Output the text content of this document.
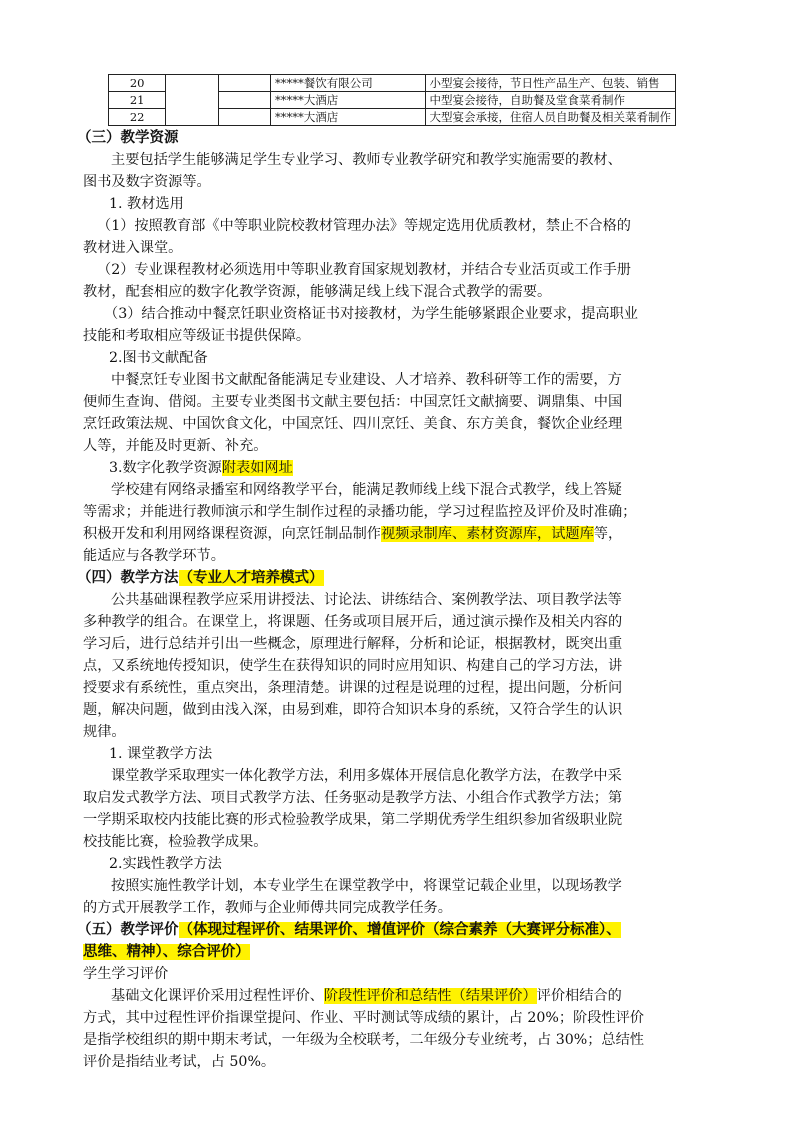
20			*****餐饮有限公司	小型宴会接待，节日性产品生产、包装、销售
21			*****大酒店	中型宴会接待，自助餐及堂食菜肴制作
22			*****大酒店	大型宴会承接，住宿人员自助餐及相关菜肴制作
（三）教学资源
主要包括学生能够满足学生专业学习、教师专业教学研究和教学实施需要的教材、
图书及数字资源等。
1. 教材选用
（1）按照教育部《中等职业院校教材管理办法》等规定选用优质教材，禁止不合格的
教材进入课堂。
（2）专业课程教材必须选用中等职业教育国家规划教材，并结合专业活页或工作手册
教材，配套相应的数字化教学资源，能够满足线上线下混合式教学的需要。
（3）结合推动中餐烹饪职业资格证书对接教材，为学生能够紧跟企业要求，提高职业
技能和考取相应等级证书提供保障。
2.图书文献配备
中餐烹饪专业图书文献配备能满足专业建设、人才培养、教科研等工作的需要，方
便师生查询、借阅。主要专业类图书文献主要包括：中国烹饪文献摘要、调鼎集、中国
烹饪政策法规、中国饮食文化，中国烹饪、四川烹饪、美食、东方美食，餐饮企业经理
人等，并能及时更新、补充。
3.数字化教学资源附表如网址
学校建有网络录播室和网络教学平台，能满足教师线上线下混合式教学，线上答疑
等需求；并能进行教师演示和学生制作过程的录播功能，学习过程监控及评价及时准确；
积极开发和利用网络课程资源，向烹饪制品制作视频录制库、素材资源库，试题库等，
能适应与各教学环节。
（四）教学方法（专业人才培养模式）
公共基础课程教学应采用讲授法、讨论法、讲练结合、案例教学法、项目教学法等
多种教学的组合。在课堂上，将课题、任务或项目展开后，通过演示操作及相关内容的
学习后，进行总结并引出一些概念，原理进行解释，分析和论证，根据教材，既突出重
点，又系统地传授知识，使学生在获得知识的同时应用知识、构建自己的学习方法，讲
授要求有系统性，重点突出，条理清楚。讲课的过程是说理的过程，提出问题，分析问
题，解决问题，做到由浅入深，由易到难，即符合知识本身的系统，又符合学生的认识
规律。
1. 课堂教学方法
课堂教学采取理实一体化教学方法，利用多媒体开展信息化教学方法，在教学中采
取启发式教学方法、项目式教学方法、任务驱动是教学方法、小组合作式教学方法；第
一学期采取校内技能比赛的形式检验教学成果，第二学期优秀学生组织参加省级职业院
校技能比赛，检验教学成果。
2.实践性教学方法
按照实施性教学计划，本专业学生在课堂教学中，将课堂记载企业里，以现场教学
的方式开展教学工作，教师与企业师傅共同完成教学任务。
（五）教学评价（体现过程评价、结果评价、增值评价（综合素养（大赛评分标准）、
思维、精神）、综合评价）
学生学习评价
基础文化课评价采用过程性评价、阶段性评价和总结性（结果评价）评价相结合的
方式，其中过程性评价指课堂提问、作业、平时测试等成绩的累计，占 20%；阶段性评价
是指学校组织的期中期末考试，一年级为全校联考，二年级分专业统考，占 30%；总结性
评价是指结业考试，占 50%。
